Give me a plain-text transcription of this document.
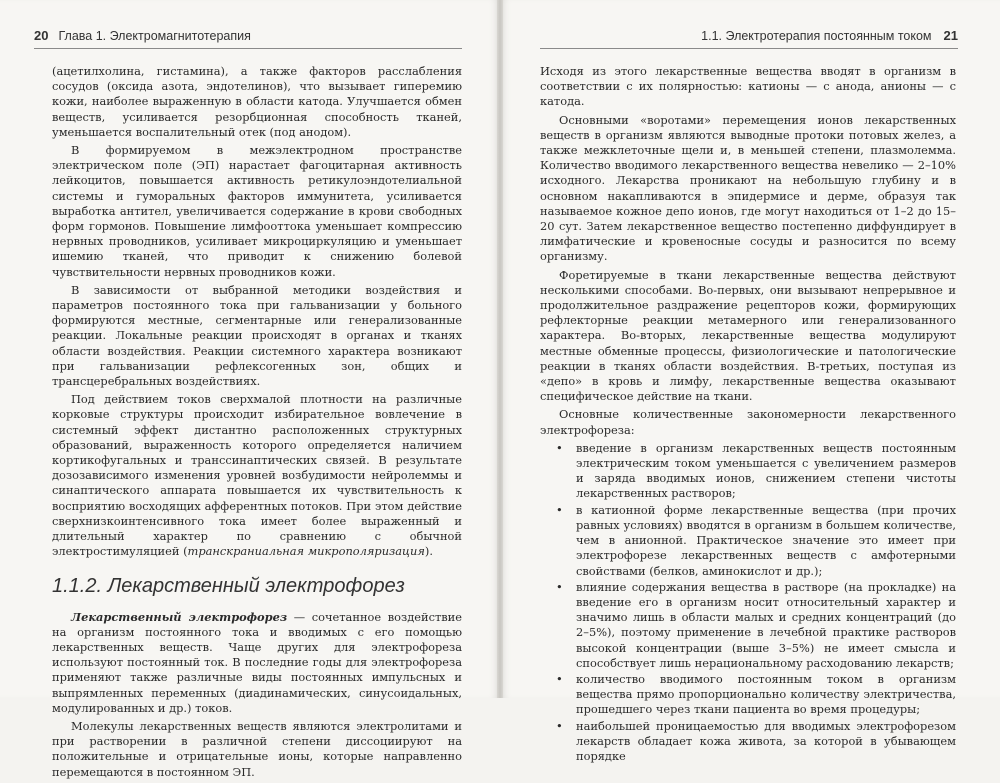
20 Глава 1. Электромагнитотерапия

(ацетилхолина, гистамина), а также факторов расслабления сосудов (оксида азота, эндотелинов), что вызывает гиперемию кожи, наиболее выраженную в области катода. Улучшается обмен веществ, усиливается резорбционная способность тканей, уменьшается воспалительный отек (под анодом).

В формируемом в межэлектродном пространстве электрическом поле (ЭП) нарастает фагоцитарная активность лейкоцитов, повышается активность ретикулоэндотелиальной системы и гуморальных факторов иммунитета, усиливается выработка антител, увеличивается содержание в крови свободных форм гормонов. Повышение лимфооттока уменьшает компрессию нервных проводников, усиливает микроциркуляцию и уменьшает ишемию тканей, что приводит к снижению болевой чувствительности нервных проводников кожи.

В зависимости от выбранной методики воздействия и параметров постоянного тока при гальванизации у больного формируются местные, сегментарные или генерализованные реакции. Локальные реакции происходят в органах и тканях области воздействия. Реакции системного характера возникают при гальванизации рефлексогенных зон, общих и трансцеребральных воздействиях.

Под действием токов сверхмалой плотности на различные корковые структуры происходит избирательное вовлечение в системный эффект дистантно расположенных структурных образований, выраженность которого определяется наличием кортикофугальных и транссинаптических связей. В результате дозозависимого изменения уровней возбудимости нейролеммы и синаптического аппарата повышается их чувствительность к восприятию восходящих афферентных потоков. При этом действие сверхнизкоинтенсивного тока имеет более выраженный и длительный характер по сравнению с обычной электростимуляцией (транскраниальная микрополяризация).

1.1.2. Лекарственный электрофорез

Лекарственный электрофорез — сочетанное воздействие на организм постоянного тока и вводимых с его помощью лекарственных веществ. Чаще других для электрофореза используют постоянный ток. В последние годы для электрофореза применяют также различные виды постоянных импульсных и выпрямленных переменных (диадинамических, синусоидальных, модулированных и др.) токов.

Молекулы лекарственных веществ являются электролитами и при растворении в различной степени диссоциируют на положительные и отрицательные ионы, которые направленно перемещаются в постоянном ЭП.

1.1. Электротерапия постоянным током 21

Исходя из этого лекарственные вещества вводят в организм в соответствии с их полярностью: катионы — с анода, анионы — с катода.

Основными «воротами» перемещения ионов лекарственных веществ в организм являются выводные протоки потовых желез, а также межклеточные щели и, в меньшей степени, плазмолемма. Количество вводимого лекарственного вещества невелико — 2–10% исходного. Лекарства проникают на небольшую глубину и в основном накапливаются в эпидермисе и дерме, образуя так называемое кожное депо ионов, где могут находиться от 1–2 до 15–20 сут. Затем лекарственное вещество постепенно диффундирует в лимфатические и кровеносные сосуды и разносится по всему организму.

Форетируемые в ткани лекарственные вещества действуют несколькими способами. Во-первых, они вызывают непрерывное и продолжительное раздражение рецепторов кожи, формирующих рефлекторные реакции метамерного или генерализованного характера. Во-вторых, лекарственные вещества модулируют местные обменные процессы, физиологические и патологические реакции в тканях области воздействия. В-третьих, поступая из «депо» в кровь и лимфу, лекарственные вещества оказывают специфическое действие на ткани.

Основные количественные закономерности лекарственного электрофореза:

• введение в организм лекарственных веществ постоянным электрическим током уменьшается с увеличением размеров и заряда вводимых ионов, снижением степени чистоты лекарственных растворов;
• в катионной форме лекарственные вещества (при прочих равных условиях) вводятся в организм в большем количестве, чем в анионной. Практическое значение это имеет при электрофорезе лекарственных веществ с амфотерными свойствами (белков, аминокислот и др.);
• влияние содержания вещества в растворе (на прокладке) на введение его в организм носит относительный характер и значимо лишь в области малых и средних концентраций (до 2–5%), поэтому применение в лечебной практике растворов высокой концентрации (выше 3–5%) не имеет смысла и способствует лишь нерациональному расходованию лекарств;
• количество вводимого постоянным током в организм вещества прямо пропорционально количеству электричества, прошедшего через ткани пациента во время процедуры;
• наибольшей проницаемостью для вводимых электрофорезом лекарств обладает кожа живота, за которой в убывающем порядке
